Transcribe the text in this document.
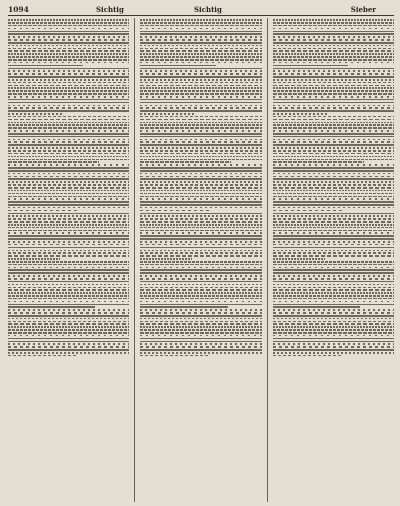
1094	Sichtig	Sichtig	Sieber
